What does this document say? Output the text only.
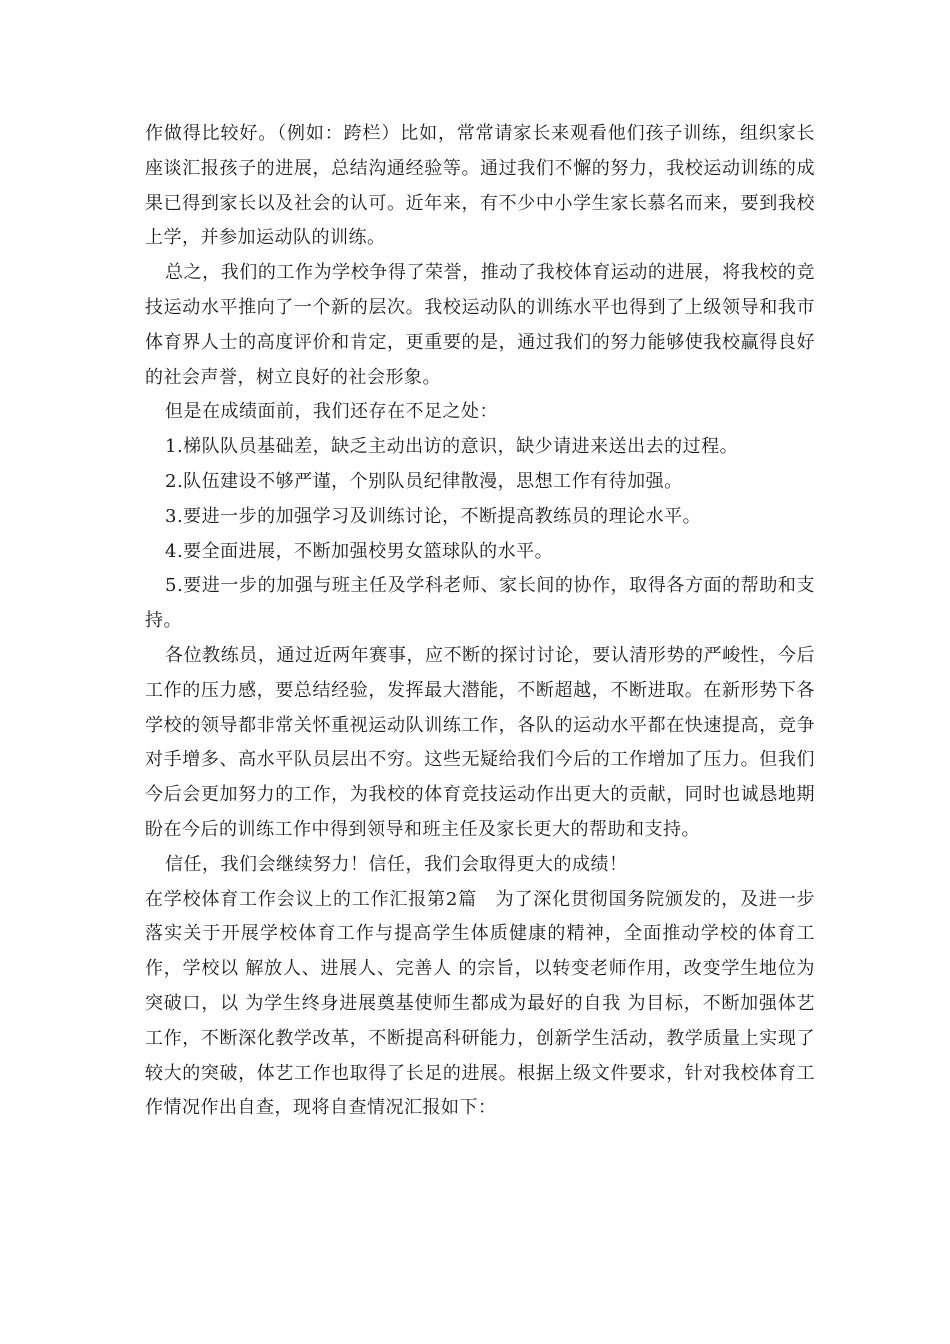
作做得比较好。（例如：跨栏）比如，常常请家长来观看他们孩子训练，组织家长座谈汇报孩子的进展，总结沟通经验等。通过我们不懈的努力，我校运动训练的成果已得到家长以及社会的认可。近年来，有不少中小学生家长慕名而来，要到我校上学，并参加运动队的训练。

总之，我们的工作为学校争得了荣誉，推动了我校体育运动的进展，将我校的竞技运动水平推向了一个新的层次。我校运动队的训练水平也得到了上级领导和我市体育界人士的高度评价和肯定，更重要的是，通过我们的努力能够使我校赢得良好的社会声誉，树立良好的社会形象。

但是在成绩面前，我们还存在不足之处：

1.梯队队员基础差，缺乏主动出访的意识，缺少请进来送出去的过程。

2.队伍建设不够严谨，个别队员纪律散漫，思想工作有待加强。

3.要进一步的加强学习及训练讨论，不断提高教练员的理论水平。

4.要全面进展，不断加强校男女篮球队的水平。

5.要进一步的加强与班主任及学科老师、家长间的协作，取得各方面的帮助和支持。

各位教练员，通过近两年赛事，应不断的探讨讨论，要认清形势的严峻性，今后工作的压力感，要总结经验，发挥最大潜能，不断超越，不断进取。在新形势下各学校的领导都非常关怀重视运动队训练工作，各队的运动水平都在快速提高，竞争对手增多、高水平队员层出不穷。这些无疑给我们今后的工作增加了压力。但我们今后会更加努力的工作，为我校的体育竞技运动作出更大的贡献，同时也诚恳地期盼在今后的训练工作中得到领导和班主任及家长更大的帮助和支持。

信任，我们会继续努力！信任，我们会取得更大的成绩！

在学校体育工作会议上的工作汇报第2篇　为了深化贯彻国务院颁发的，及进一步落实关于开展学校体育工作与提高学生体质健康的精神，全面推动学校的体育工作，学校以 解放人、进展人、完善人 的宗旨，以转变老师作用，改变学生地位为突破口，以 为学生终身进展奠基使师生都成为最好的自我 为目标，不断加强体艺工作，不断深化教学改革，不断提高科研能力，创新学生活动，教学质量上实现了较大的突破，体艺工作也取得了长足的进展。根据上级文件要求，针对我校体育工作情况作出自查，现将自查情况汇报如下：
